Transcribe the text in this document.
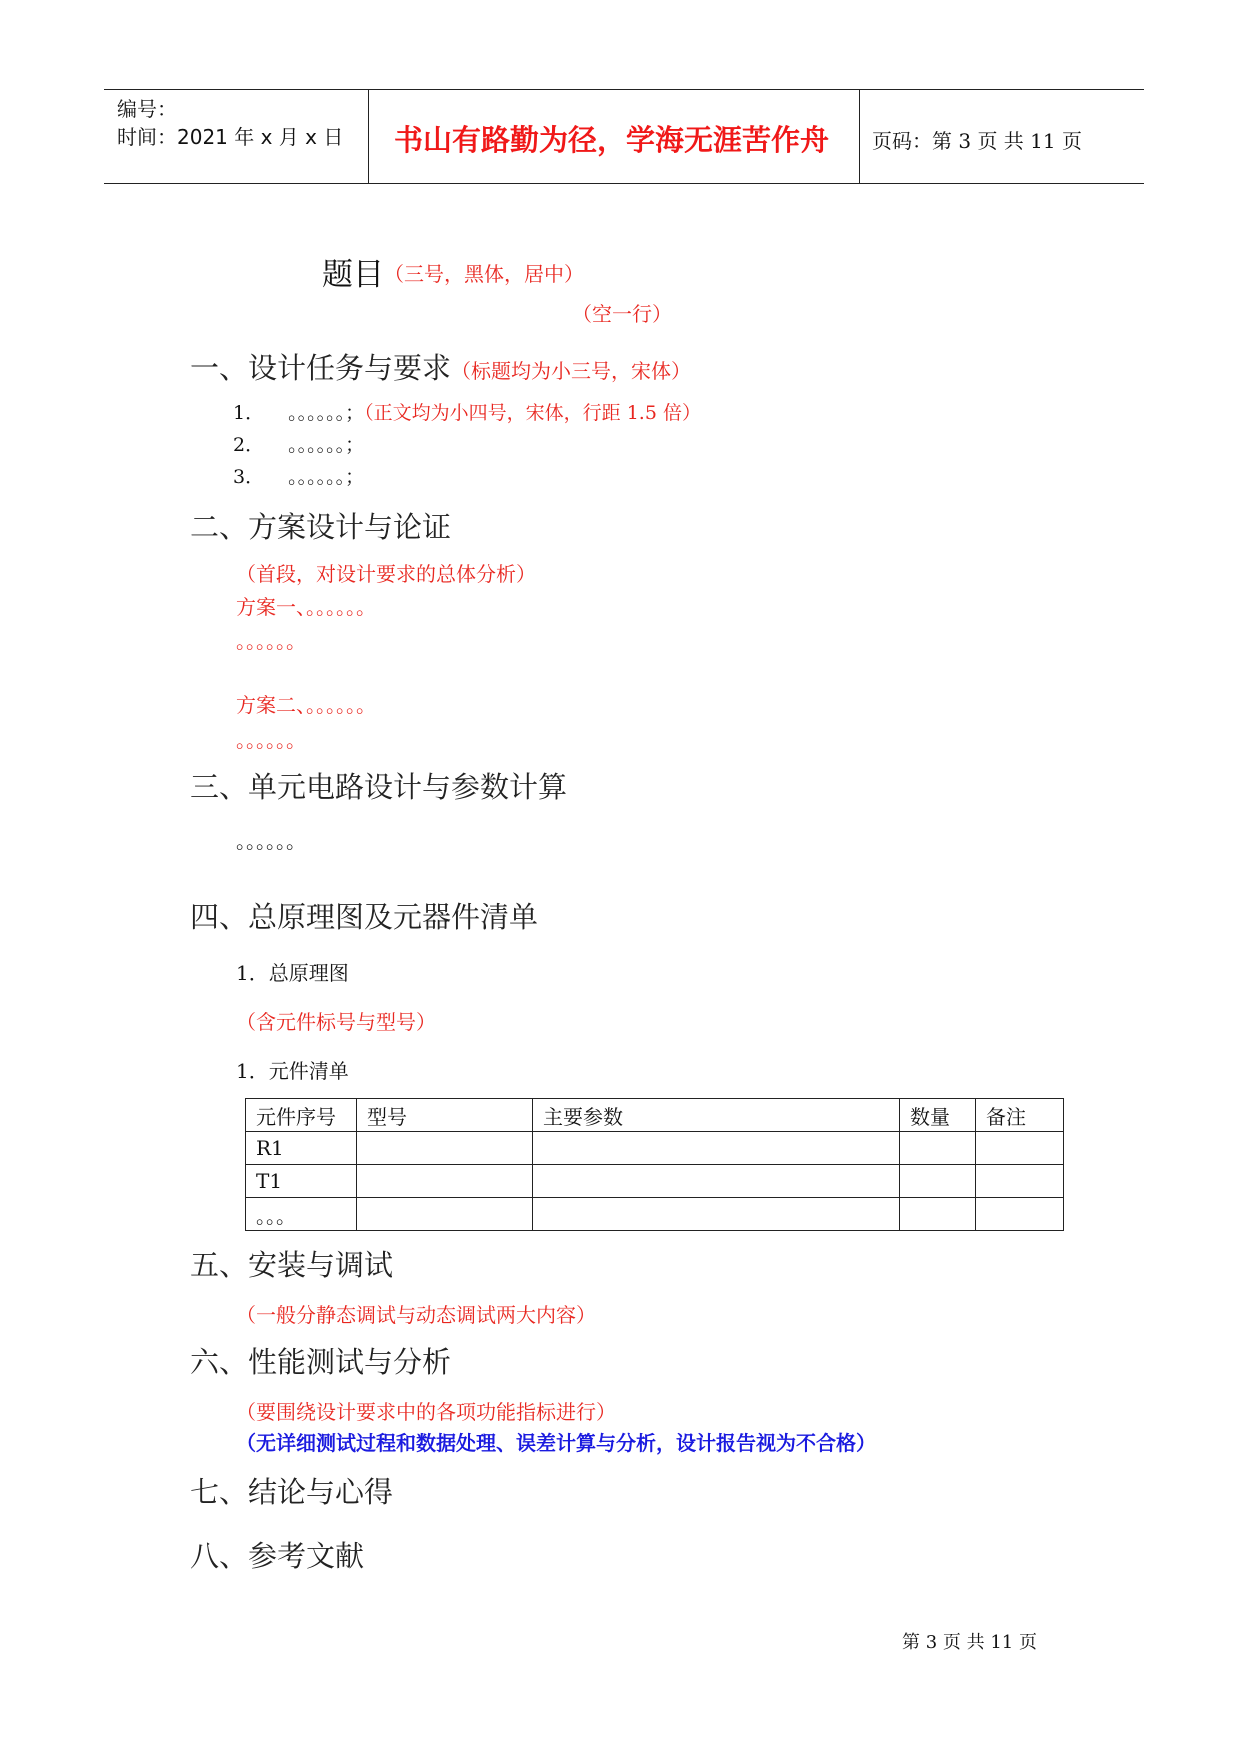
编号：
时间：2021 年 x 月 x 日 书山有路勤为径，学海无涯苦作舟 页码：第 3 页 共 11 页
题目（三号，黑体，居中）
（空一行）
一、设计任务与要求（标题均为小三号，宋体）
1． 。。。。。。；（正文均为小四号，宋体，行距 1.5 倍）
2． 。。。。。。；
3． 。。。。。。；
二、方案设计与论证
（首段，对设计要求的总体分析）
方案一、。。。。。。
。。。。。。
方案二、。。。。。。
。。。。。。
三、单元电路设计与参数计算
。。。。。。
四、总原理图及元器件清单
1．总原理图
（含元件标号与型号）
1．元件清单
元件序号	型号	主要参数	数量	备注
R1				
T1				
。。。				
五、安装与调试
（一般分静态调试与动态调试两大内容）
六、性能测试与分析
（要围绕设计要求中的各项功能指标进行）
（无详细测试过程和数据处理、误差计算与分析，设计报告视为不合格）
七、结论与心得
八、参考文献
第 3 页 共 11 页
